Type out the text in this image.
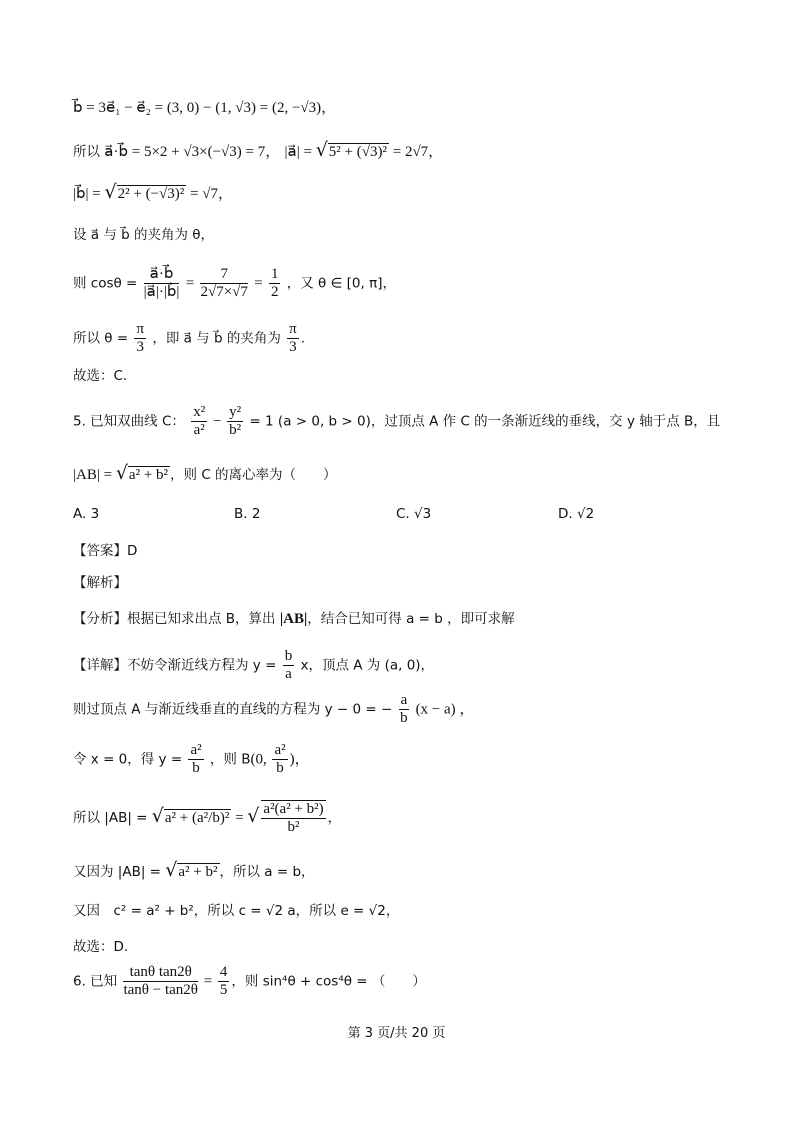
b⃗ = 3e⃗₁ − e⃗₂ = (3, 0) − (1, √3) = (2, −√3)，
所以 a⃗·b⃗ = 5×2 + √3×(−√3) = 7， |a⃗| = √5² + (√3)² = 2√7，
|b⃗| = √2² + (−√3)² = √7，
设 a⃗ 与 b⃗ 的夹角为 θ，
则 $\cos\theta = \frac{a⃗\cdot b⃗}{|a⃗|\cdot|b⃗|} = \frac{7}{2√7\times√7} = \frac{1}{2}$ ，又 θ ∈ [0, π]，
所以 $\theta = \frac{\pi}{3}$ ，即 a⃗ 与 b⃗ 的夹角为 $\frac{\pi}{3}$ .
故选：C.
5. 已知双曲线 C： $\frac{\text{x²}}{\text{a²}} - \frac{\text{y²}}{\text{b²}} = 1$ (a > 0, b > 0)，过顶点 A 作 C 的一条渐近线的垂线，交 y 轴于点 B，且
|AB| = √a² + b² ，则 C 的离心率为（　　）
A. 3	B. 2	C. √3	D. √2
【答案】D
【解析】
【分析】根据已知求出点 B，算出 |AB|，结合已知可得 a = b ，即可求解
【详解】不妨令渐近线方程为 $y = \frac{b}{a}$ x，顶点 A 为 (a, 0)，
则过顶点 A 与渐近线垂直的直线的方程为 y − 0 = − $\frac{a}{b} (x - a)$ ，
令 x = 0，得 $y = \frac{\text{a²}}{b}$ ，则 B(0, $\frac{\text{a²}}{b}$ )，
所以 |AB| = √a² + (a²/b)² = √ $\frac{\text{a²(a² + b²)}}{\text{b²}}$ ，
又因为 |AB| = √a² + b² ，所以 a = b，
又因　c² = a² + b²，所以 c = √2 a，所以 e = √2，
故选：D.
6. 已知 $\frac{\text{tanθ tan2θ}}{\tan\theta - \tan 2\theta} = \frac{4}{5}$ ，则 sin⁴θ + cos⁴θ = （　　）
第 3 页/共 20 页
